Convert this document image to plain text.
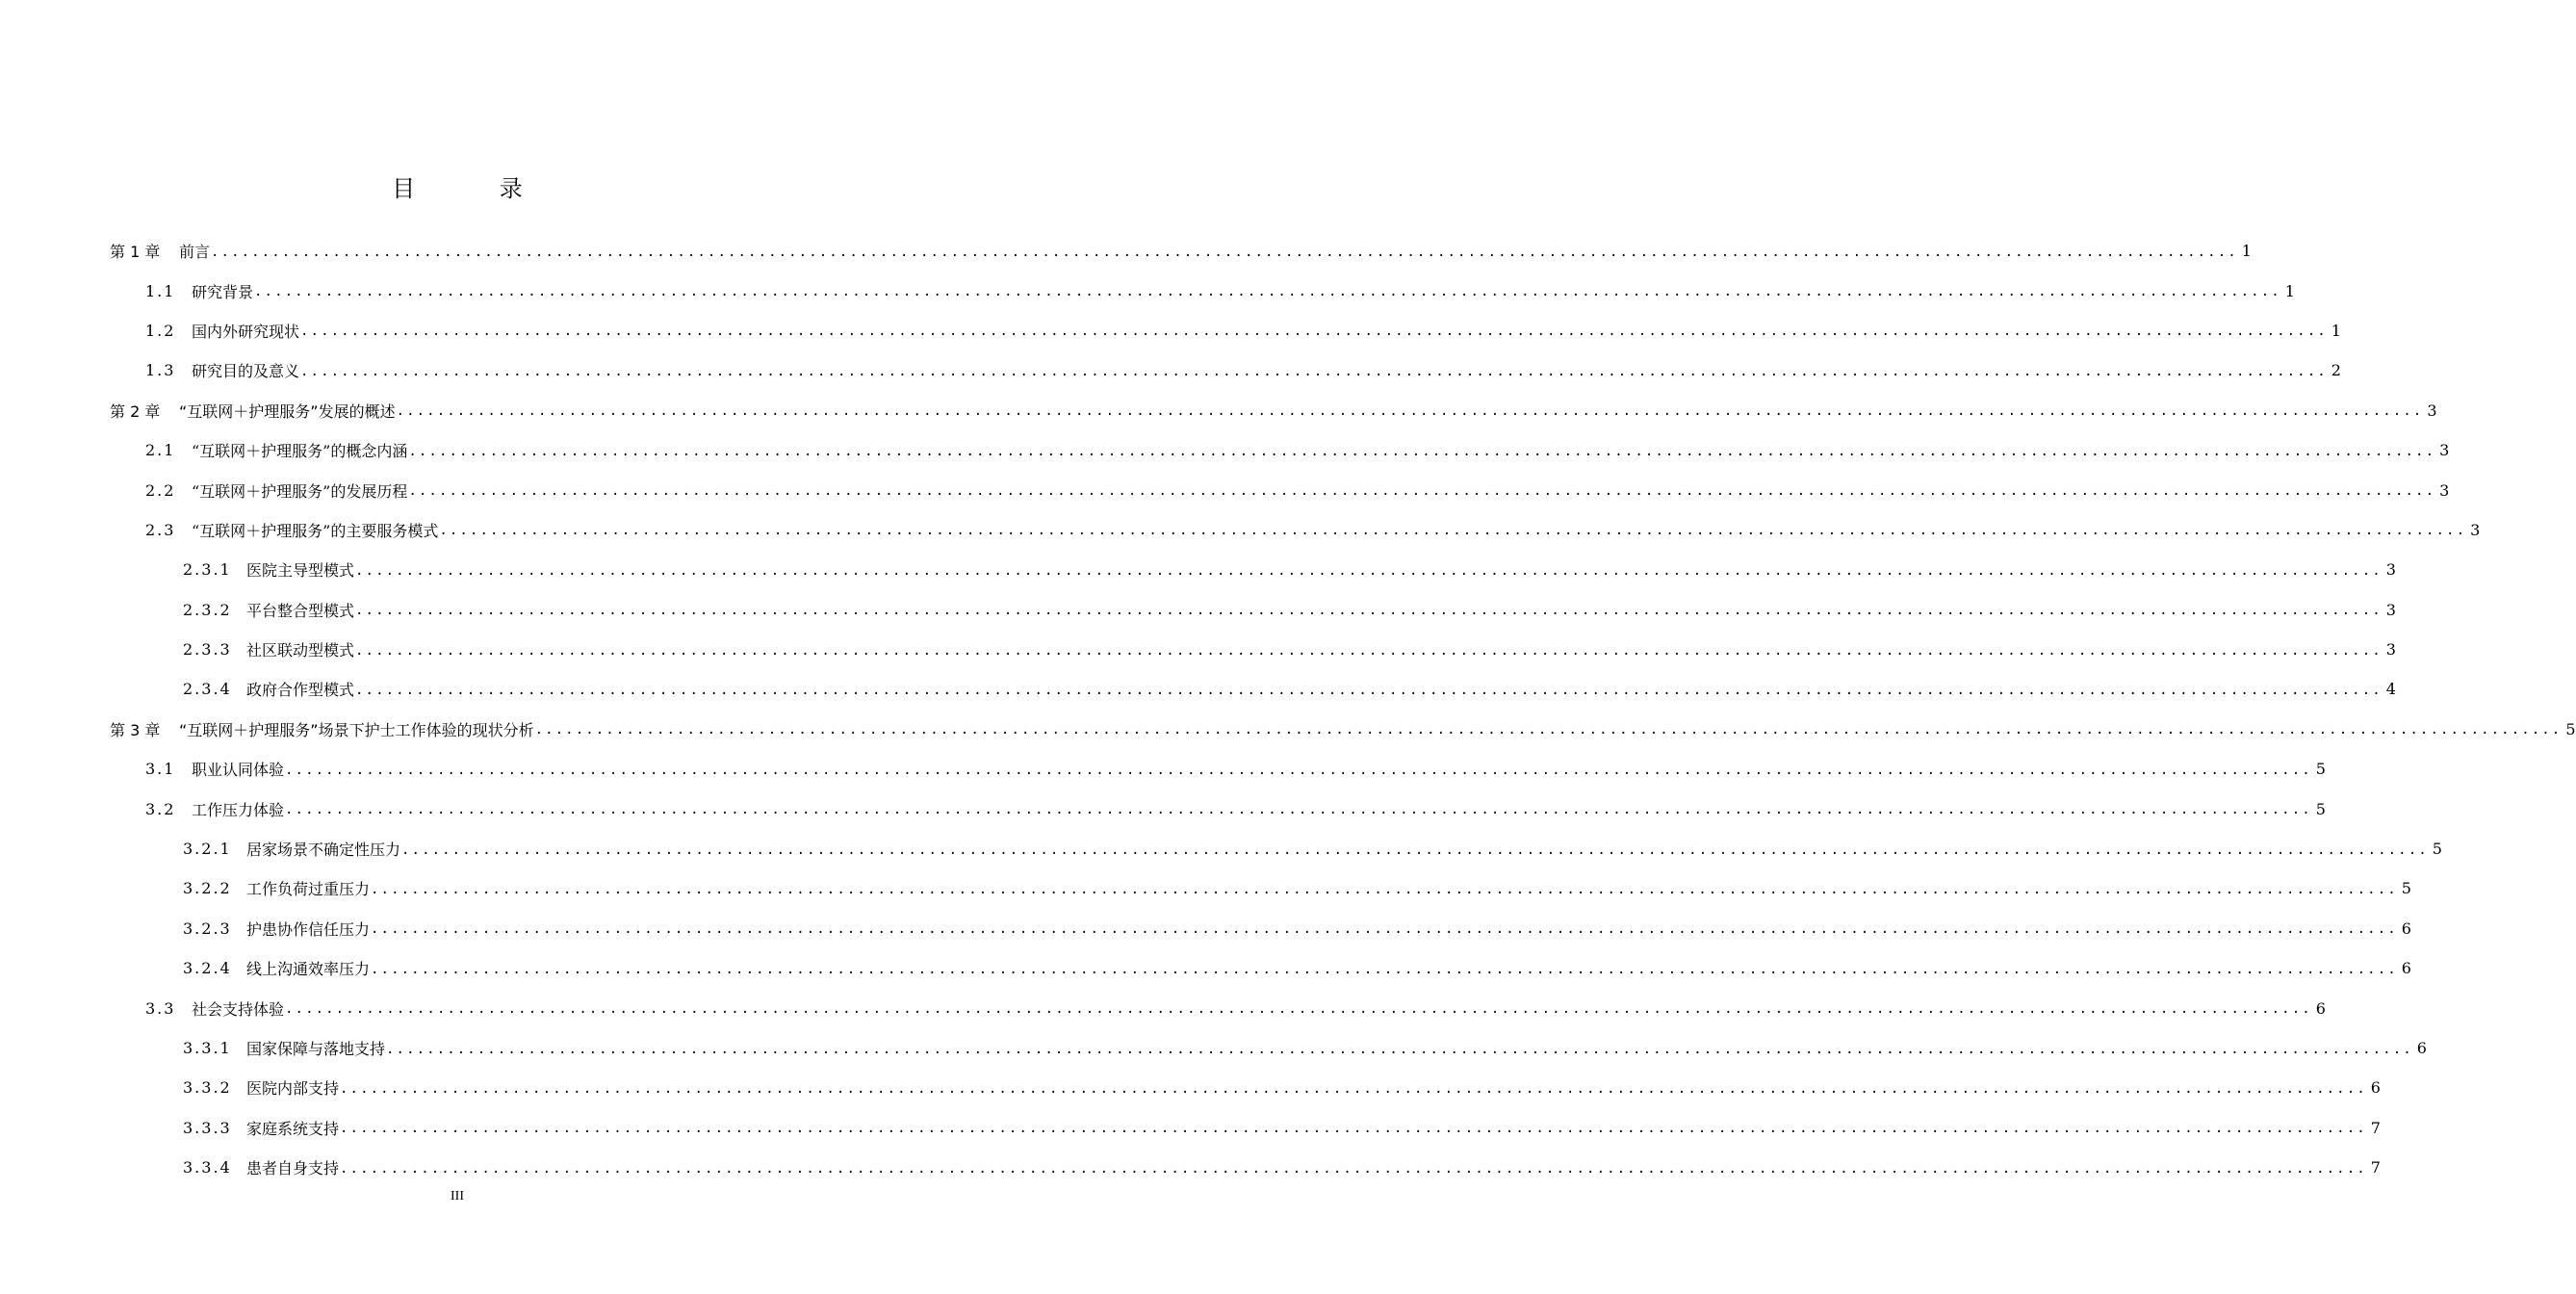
目 录
第 1 章	前言 ........................................................................................................................................................................................................ 1
1.1	研究背景 ........................................................................................................................................................................................................ 1
1.2	国内外研究现状 ........................................................................................................................................................................................................ 1
1.3	研究目的及意义 ........................................................................................................................................................................................................ 2
第 2 章	“互联网＋护理服务”发展的概述 ........................................................................................................................................................................................................ 3
2.1	“互联网＋护理服务”的概念内涵 ........................................................................................................................................................................................................ 3
2.2	“互联网＋护理服务”的发展历程 ........................................................................................................................................................................................................ 3
2.3	“互联网＋护理服务”的主要服务模式 ........................................................................................................................................................................................................ 3
2.3.1 医院主导型模式 ........................................................................................................................................................................................................ 3
2.3.2 平台整合型模式 ........................................................................................................................................................................................................ 3
2.3.3 社区联动型模式 ........................................................................................................................................................................................................ 3
2.3.4 政府合作型模式 ........................................................................................................................................................................................................ 4
第 3 章	“互联网＋护理服务”场景下护士工作体验的现状分析 ........................................................................................................................................................................................................ 5
3.1	职业认同体验 ........................................................................................................................................................................................................ 5
3.2	工作压力体验 ........................................................................................................................................................................................................ 5
3.2.1 居家场景不确定性压力 ........................................................................................................................................................................................................ 5
3.2.2 工作负荷过重压力 ........................................................................................................................................................................................................ 5
3.2.3 护患协作信任压力 ........................................................................................................................................................................................................ 6
3.2.4 线上沟通效率压力 ........................................................................................................................................................................................................ 6
3.3	社会支持体验 ........................................................................................................................................................................................................ 6
3.3.1 国家保障与落地支持 ........................................................................................................................................................................................................ 6
3.3.2 医院内部支持 ........................................................................................................................................................................................................ 6
3.3.3 家庭系统支持 ........................................................................................................................................................................................................ 7
3.3.4 患者自身支持 ........................................................................................................................................................................................................ 7
III
